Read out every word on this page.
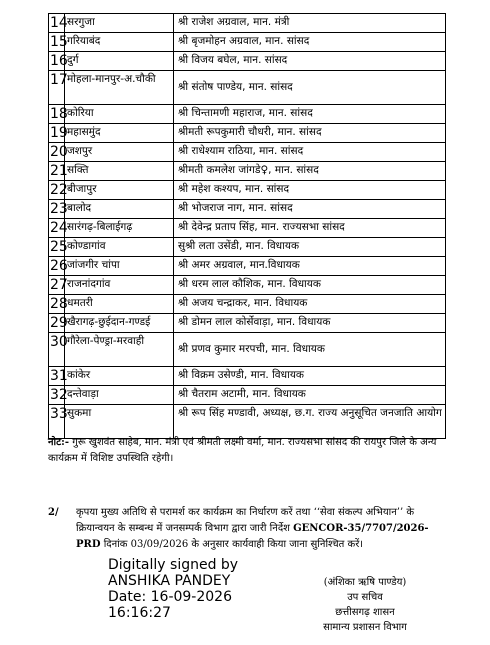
14	सरगुजा	श्री राजेश अग्रवाल, मान. मंत्री
15	गरियाबंद	श्री बृजमोहन अग्रवाल, मान. सांसद
16	दुर्ग	श्री विजय बघेल, मान. सांसद
17	मोहला-मानपुर-अ.चौकी	श्री संतोष पाण्डेय, मान. सांसद
18	कोरिया	श्री चिन्तामणी महाराज, मान. सांसद
19	महासमुंद	श्रीमती रूपकुमारी चौधरी, मान. सांसद
20	जशपुर	श्री राधेश्याम राठिया, मान. सांसद
21	सक्ति	श्रीमती कमलेश जांगडे♀, मान. सांसद
22	बीजापुर	श्री महेश कश्यप, मान. सांसद
23	बालोद	श्री भोजराज नाग, मान. सांसद
24	सारंगढ़-बिलाईगढ़	श्री देवेन्द्र प्रताप सिंह, मान. राज्यसभा सांसद
25	कोण्डागांव	सुश्री लता उसेंडी, मान. विधायक
26	जांजगीर चांपा	श्री अमर अग्रवाल, मान.विधायक
27	राजनांदगांव	श्री धरम लाल कौशिक, मान. विधायक
28	धमतरी	श्री अजय चन्द्राकर, मान. विधायक
29	खैरागढ़-छुईदान-गण्डई	श्री डोमन लाल कोर्सेवाड़ा, मान. विधायक
30	गौरेला-पेण्ड्रा-मरवाही	श्री प्रणव कुमार मरपची, मान. विधायक
31	कांकेर	श्री विक्रम उसेण्डी, मान. विधायक
32	दन्तेवाड़ा	श्री चैतराम अटामी, मान. विधायक
33	सुकमा	श्री रूप सिंह मण्डावी, अध्यक्ष, छ.ग. राज्य अनुसूचित जनजाति आयोग
नोट:- गुरू खुशवंत साहेब, मान. मंत्री एवं श्रीमती लक्ष्मी वर्मा, मान. राज्यसभा सांसद की रायपुर जिले के अन्य कार्यक्रम में विशिष्ट उपस्थिति रहेगी।
2/ कृपया मुख्य अतिथि से परामर्श कर कार्यक्रम का निर्धारण करें तथा ‘‘सेवा संकल्प अभियान’’ के क्रियान्वयन के सम्बन्ध में जनसम्पर्क विभाग द्वारा जारी निर्देश GENCOR-35/7707/2026-PRD दिनांक 03/09/2026 के अनुसार कार्यवाही किया जाना सुनिश्चित करें।
Digitally signed by
ANSHIKA PANDEY
Date: 16-09-2026
16:16:27
(अंशिका ऋषि पाण्डेय)
उप सचिव
छत्तीसगढ़ शासन
सामान्य प्रशासन विभाग
